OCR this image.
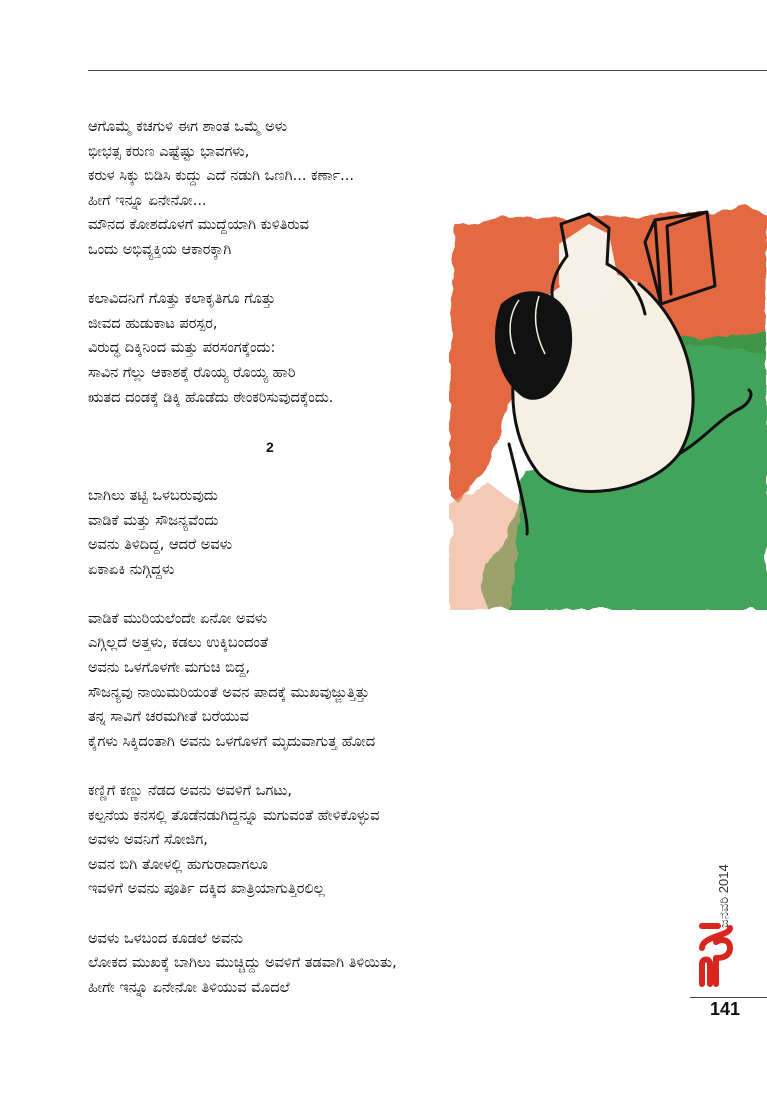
ಆಗೊಮ್ಮೆ ಕಚಗುಳಿ ಈಗ ಶಾಂತ ಒಮ್ಮೆ ಅಳು
ಭೀಭತ್ಸ ಕರುಣ ಎಷ್ಟೆಷ್ಟು ಭಾವಗಳು,
ಕರುಳ ಸಿಕ್ಕು ಬಿಡಿಸಿ ಕುದ್ದು ಎದೆ ನಡುಗಿ ಒಣಗಿ... ಕರ್ಣಾ...
ಹೀಗೆ ಇನ್ನೂ ಏನೇನೋ...
ಮೌನದ ಕೋಶದೊಳಗೆ ಮುದ್ದೆಯಾಗಿ ಕುಳಿತಿರುವ
ಒಂದು ಅಭಿವ್ಯಕ್ತಿಯ ಆಕಾರಕ್ಕಾಗಿ
ಕಲಾವಿದನಿಗೆ ಗೊತ್ತು ಕಲಾಕೃತಿಗೂ ಗೊತ್ತು
ಜೀವದ ಹುಡುಕಾಟ ಪರಸ್ಪರ,
ವಿರುದ್ಧ ದಿಕ್ಕಿನಿಂದ ಮತ್ತು ಪರಸಂಗಕ್ಕೆಂದು:
ಸಾವಿನ ಗೆಲ್ಲು ಆಕಾಶಕ್ಕೆ ರೊಯ್ಯ ರೊಯ್ಯ ಹಾರಿ
ಋತದ ದಂಡಕ್ಕೆ ಡಿಕ್ಕಿ ಹೊಡೆದು ಠೇಂಕರಿಸುವುದಕ್ಕೆಂದು.
2
ಬಾಗಿಲು ತಟ್ಟಿ ಒಳಬರುವುದು
ವಾಡಿಕೆ ಮತ್ತು ಸೌಜನ್ಯವೆಂದು
ಅವನು ತಿಳಿದಿದ್ದ, ಆದರೆ ಅವಳು
ಏಕಾಏಕಿ ನುಗ್ಗಿದ್ದಳು
ವಾಡಿಕೆ ಮುರಿಯಲೆಂದೇ ಏನೋ ಅವಳು
ಎಗ್ಗಿಲ್ಲದೆ ಅತ್ತಳು, ಕಡಲು ಉಕ್ಕಿಬಂದಂತೆ
ಅವನು ಒಳಗೊಳಗೇ ಮಗುಚಿ ಬಿದ್ದ,
ಸೌಜನ್ಯವು ನಾಯಿಮರಿಯಂತೆ ಅವನ ಪಾದಕ್ಕೆ ಮುಖವುಜ್ಜುತ್ತಿತ್ತು
ತನ್ನ ಸಾವಿಗೆ ಚರಮಗೀತೆ ಬರೆಯುವ
ಕೈಗಳು ಸಿಕ್ಕಿದಂತಾಗಿ ಅವನು ಒಳಗೊಳಗೆ ಮೃದುವಾಗುತ್ತ ಹೋದ
ಕಣ್ಣಿಗೆ ಕಣ್ಣು ನೆಡದ ಅವನು ಅವಳಿಗೆ ಒಗಟು,
ಕಲ್ಪನೆಯ ಕನಸಲ್ಲಿ ತೊಡೆನಡುಗಿದ್ದನ್ನೂ ಮಗುವಂತೆ ಹೇಳಿಕೊಳ್ಳುವ
ಅವಳು ಅವನಿಗೆ ಸೋಜಿಗ,
ಅವನ ಬಿಗಿ ತೋಳಲ್ಲಿ ಹುಗುರಾದಾಗಲೂ
ಇವಳಿಗೆ ಅವನು ಪೂರ್ತಿ ದಕ್ಕಿದ ಖಾತ್ರಿಯಾಗುತ್ತಿರಲಿಲ್ಲ
ಅವಳು ಒಳಬಂದ ಕೂಡಲೆ ಅವನು
ಲೋಕದ ಮುಖಕ್ಕೆ ಬಾಗಿಲು ಮುಚ್ಚಿದ್ದು ಅವಳಿಗೆ ತಡವಾಗಿ ತಿಳಿಯಿತು,
ಹೀಗೇ ಇನ್ನೂ ಏನೇನೋ ತಿಳಿಯುವ ಮೊದಲೆ
ಜನವರಿ 2014
ಮಯೂರ
141
